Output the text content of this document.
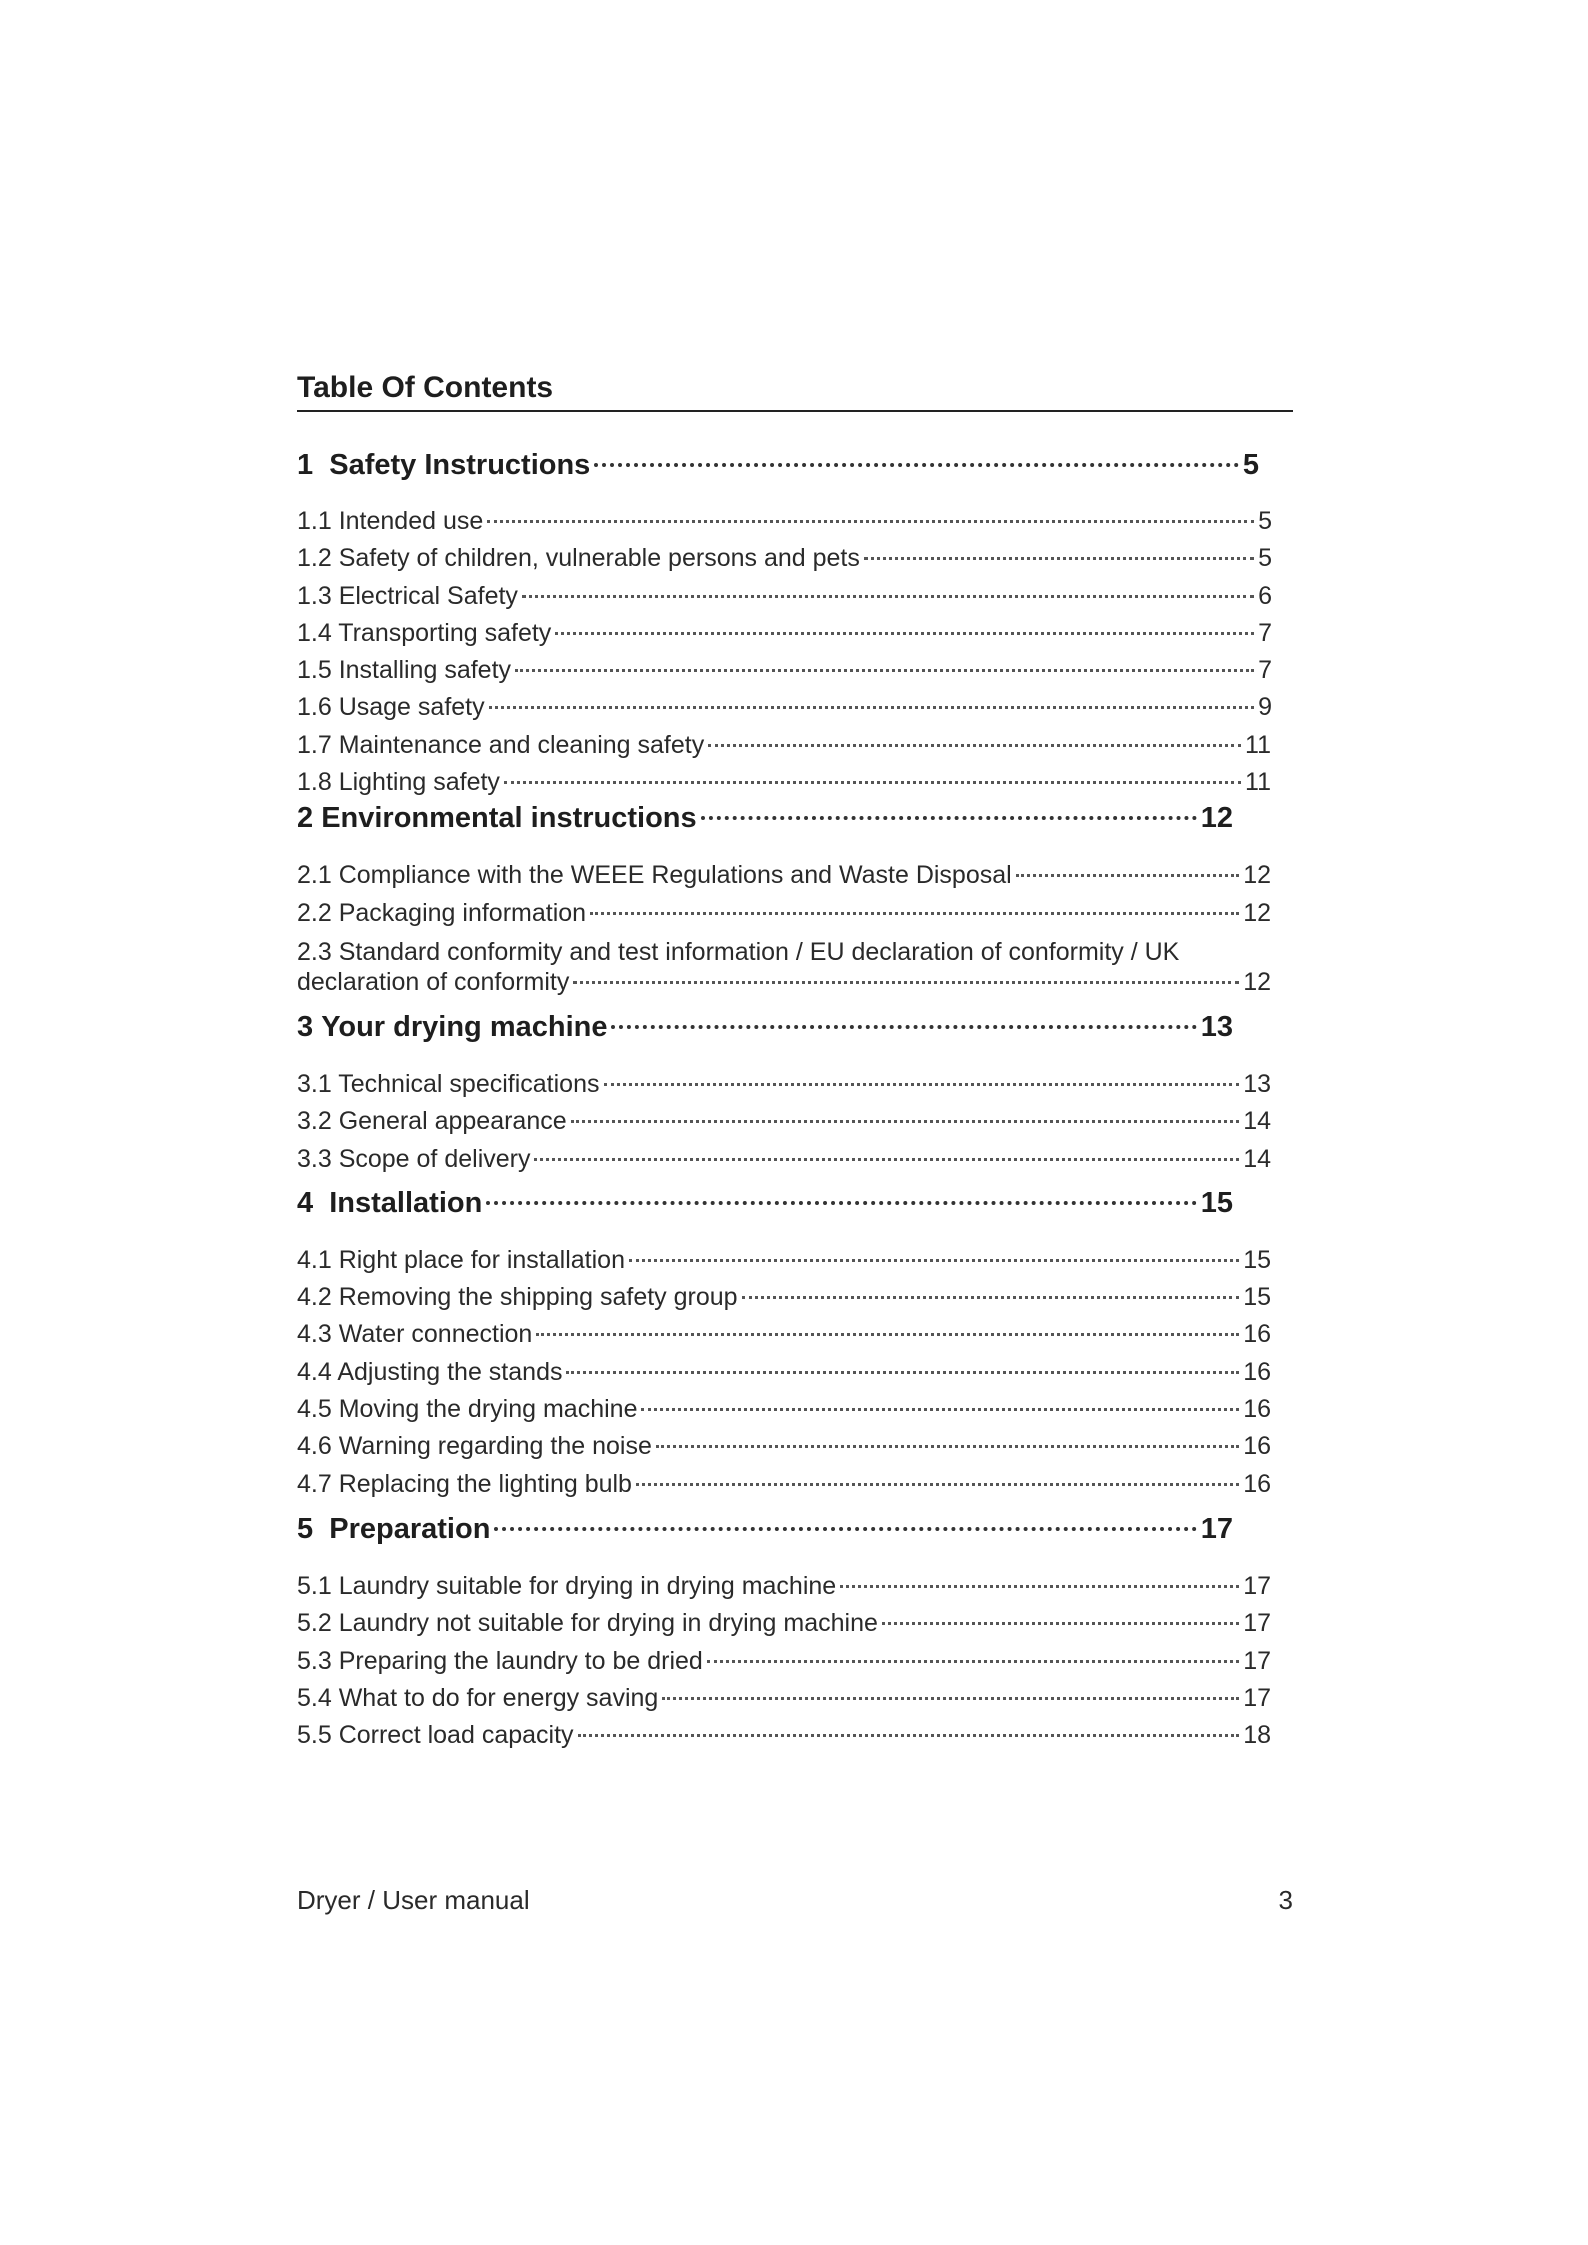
Table Of Contents
1 Safety Instructions	5
1.1 Intended use	5
1.2 Safety of children, vulnerable persons and pets	5
1.3 Electrical Safety	6
1.4 Transporting safety	7
1.5 Installing safety	7
1.6 Usage safety	9
1.7 Maintenance and cleaning safety	11
1.8 Lighting safety	11
2 Environmental instructions	12
2.1 Compliance with the WEEE Regulations and Waste Disposal	12
2.2 Packaging information	12
2.3 Standard conformity and test information / EU declaration of conformity / UK
declaration of conformity	12
3 Your drying machine	13
3.1 Technical specifications	13
3.2 General appearance	14
3.3 Scope of delivery	14
4 Installation	15
4.1 Right place for installation	15
4.2 Removing the shipping safety group	15
4.3 Water connection	16
4.4 Adjusting the stands	16
4.5 Moving the drying machine	16
4.6 Warning regarding the noise	16
4.7 Replacing the lighting bulb	16
5 Preparation	17
5.1 Laundry suitable for drying in drying machine	17
5.2 Laundry not suitable for drying in drying machine	17
5.3 Preparing the laundry to be dried	17
5.4 What to do for energy saving	17
5.5 Correct load capacity	18
Dryer / User manual	3
